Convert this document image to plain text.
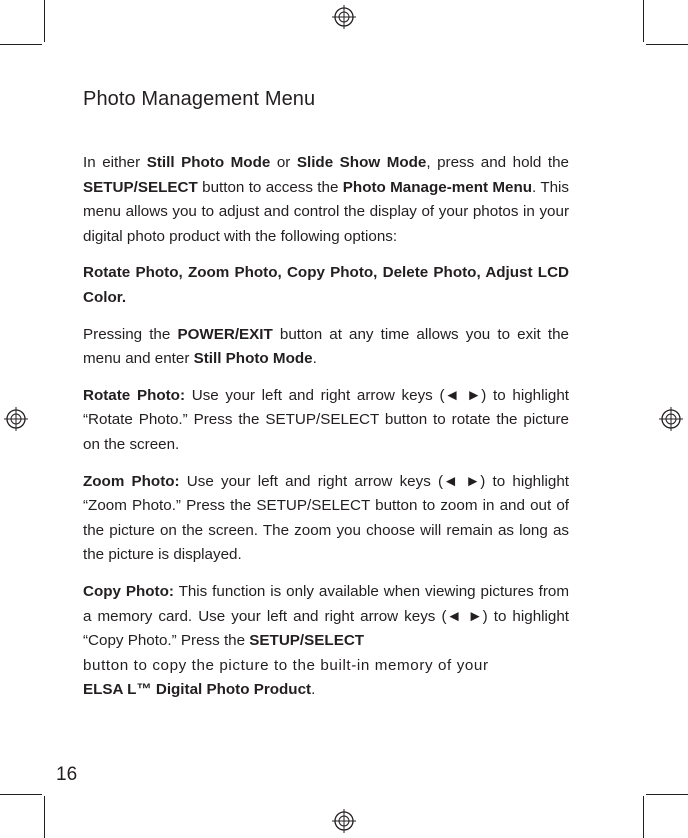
Photo Management Menu

In either Still Photo Mode or Slide Show Mode, press and hold the SETUP/SELECT button to access the Photo Manage-ment Menu. This menu allows you to adjust and control the display of your photos in your digital photo product with the following options:

Rotate Photo, Zoom Photo, Copy Photo, Delete Photo, Adjust LCD Color.

Pressing the POWER/EXIT button at any time allows you to exit the menu and enter Still Photo Mode.

Rotate Photo: Use your left and right arrow keys (◄ ►) to highlight “Rotate Photo.” Press the SETUP/SELECT button to rotate the picture on the screen.

Zoom Photo: Use your left and right arrow keys (◄ ►) to highlight “Zoom Photo.” Press the SETUP/SELECT button to zoom in and out of the picture on the screen. The zoom you choose will remain as long as the picture is displayed.

Copy Photo: This function is only available when viewing pictures from a memory card. Use your left and right arrow keys (◄ ►) to highlight “Copy Photo.” Press the SETUP/SELECT
button to copy the picture to the built-in memory of your
ELSA L™ Digital Photo Product.

16
